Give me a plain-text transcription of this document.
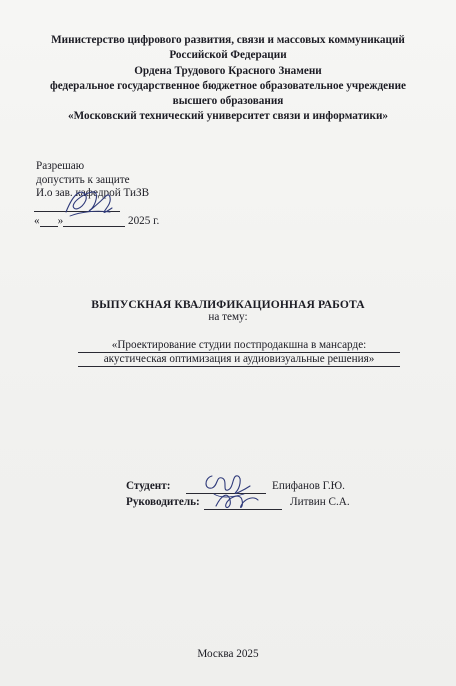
Министерство цифрового развития, связи и массовых коммуникаций
Российской Федерации
Ордена Трудового Красного Знамени
федеральное государственное бюджетное образовательное учреждение
высшего образования
«Московский технический университет связи и информатики»
Разрешаю
допустить к защите
И.о зав. кафедрой ТиЗВ
« »	2025 г.
ВЫПУСКНАЯ КВАЛИФИКАЦИОННАЯ РАБОТА
на тему:
«Проектирование студии постпродакшна в мансарде:
акустическая оптимизация и аудиовизуальные решения»
Студент:	Епифанов Г.Ю.
Руководитель:	Литвин С.А.
Москва 2025
